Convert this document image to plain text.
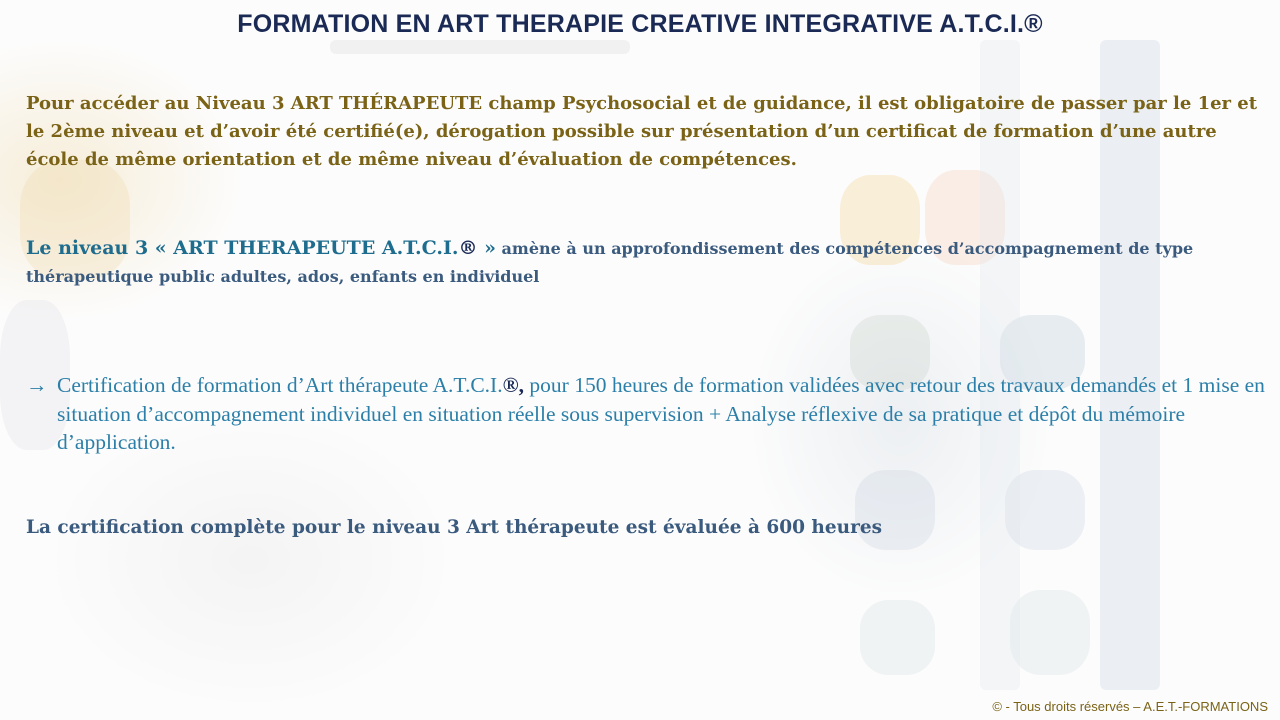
FORMATION EN ART THERAPIE CREATIVE INTEGRATIVE A.T.C.I.®

Pour accéder au Niveau 3 ART THÉRAPEUTE champ Psychosocial et de guidance, il est obligatoire de passer par le 1er et le 2ème niveau et d’avoir été certifié(e), dérogation possible sur présentation d’un certificat de formation d’une autre école de même orientation et de même niveau d’évaluation de compétences.

Le niveau 3 « ART THERAPEUTE A.T.C.I.® » amène à un approfondissement des compétences d’accompagnement de type thérapeutique public adultes, ados, enfants en individuel

→ Certification de formation d’Art thérapeute A.T.C.I.®, pour 150 heures de formation validées avec retour des travaux demandés et 1 mise en situation d’accompagnement individuel en situation réelle sous supervision + Analyse réflexive de sa pratique et dépôt du mémoire d’application.

La certification complète pour le niveau 3 Art thérapeute est évaluée à 600 heures

© - Tous droits réservés – A.E.T.-FORMATIONS
